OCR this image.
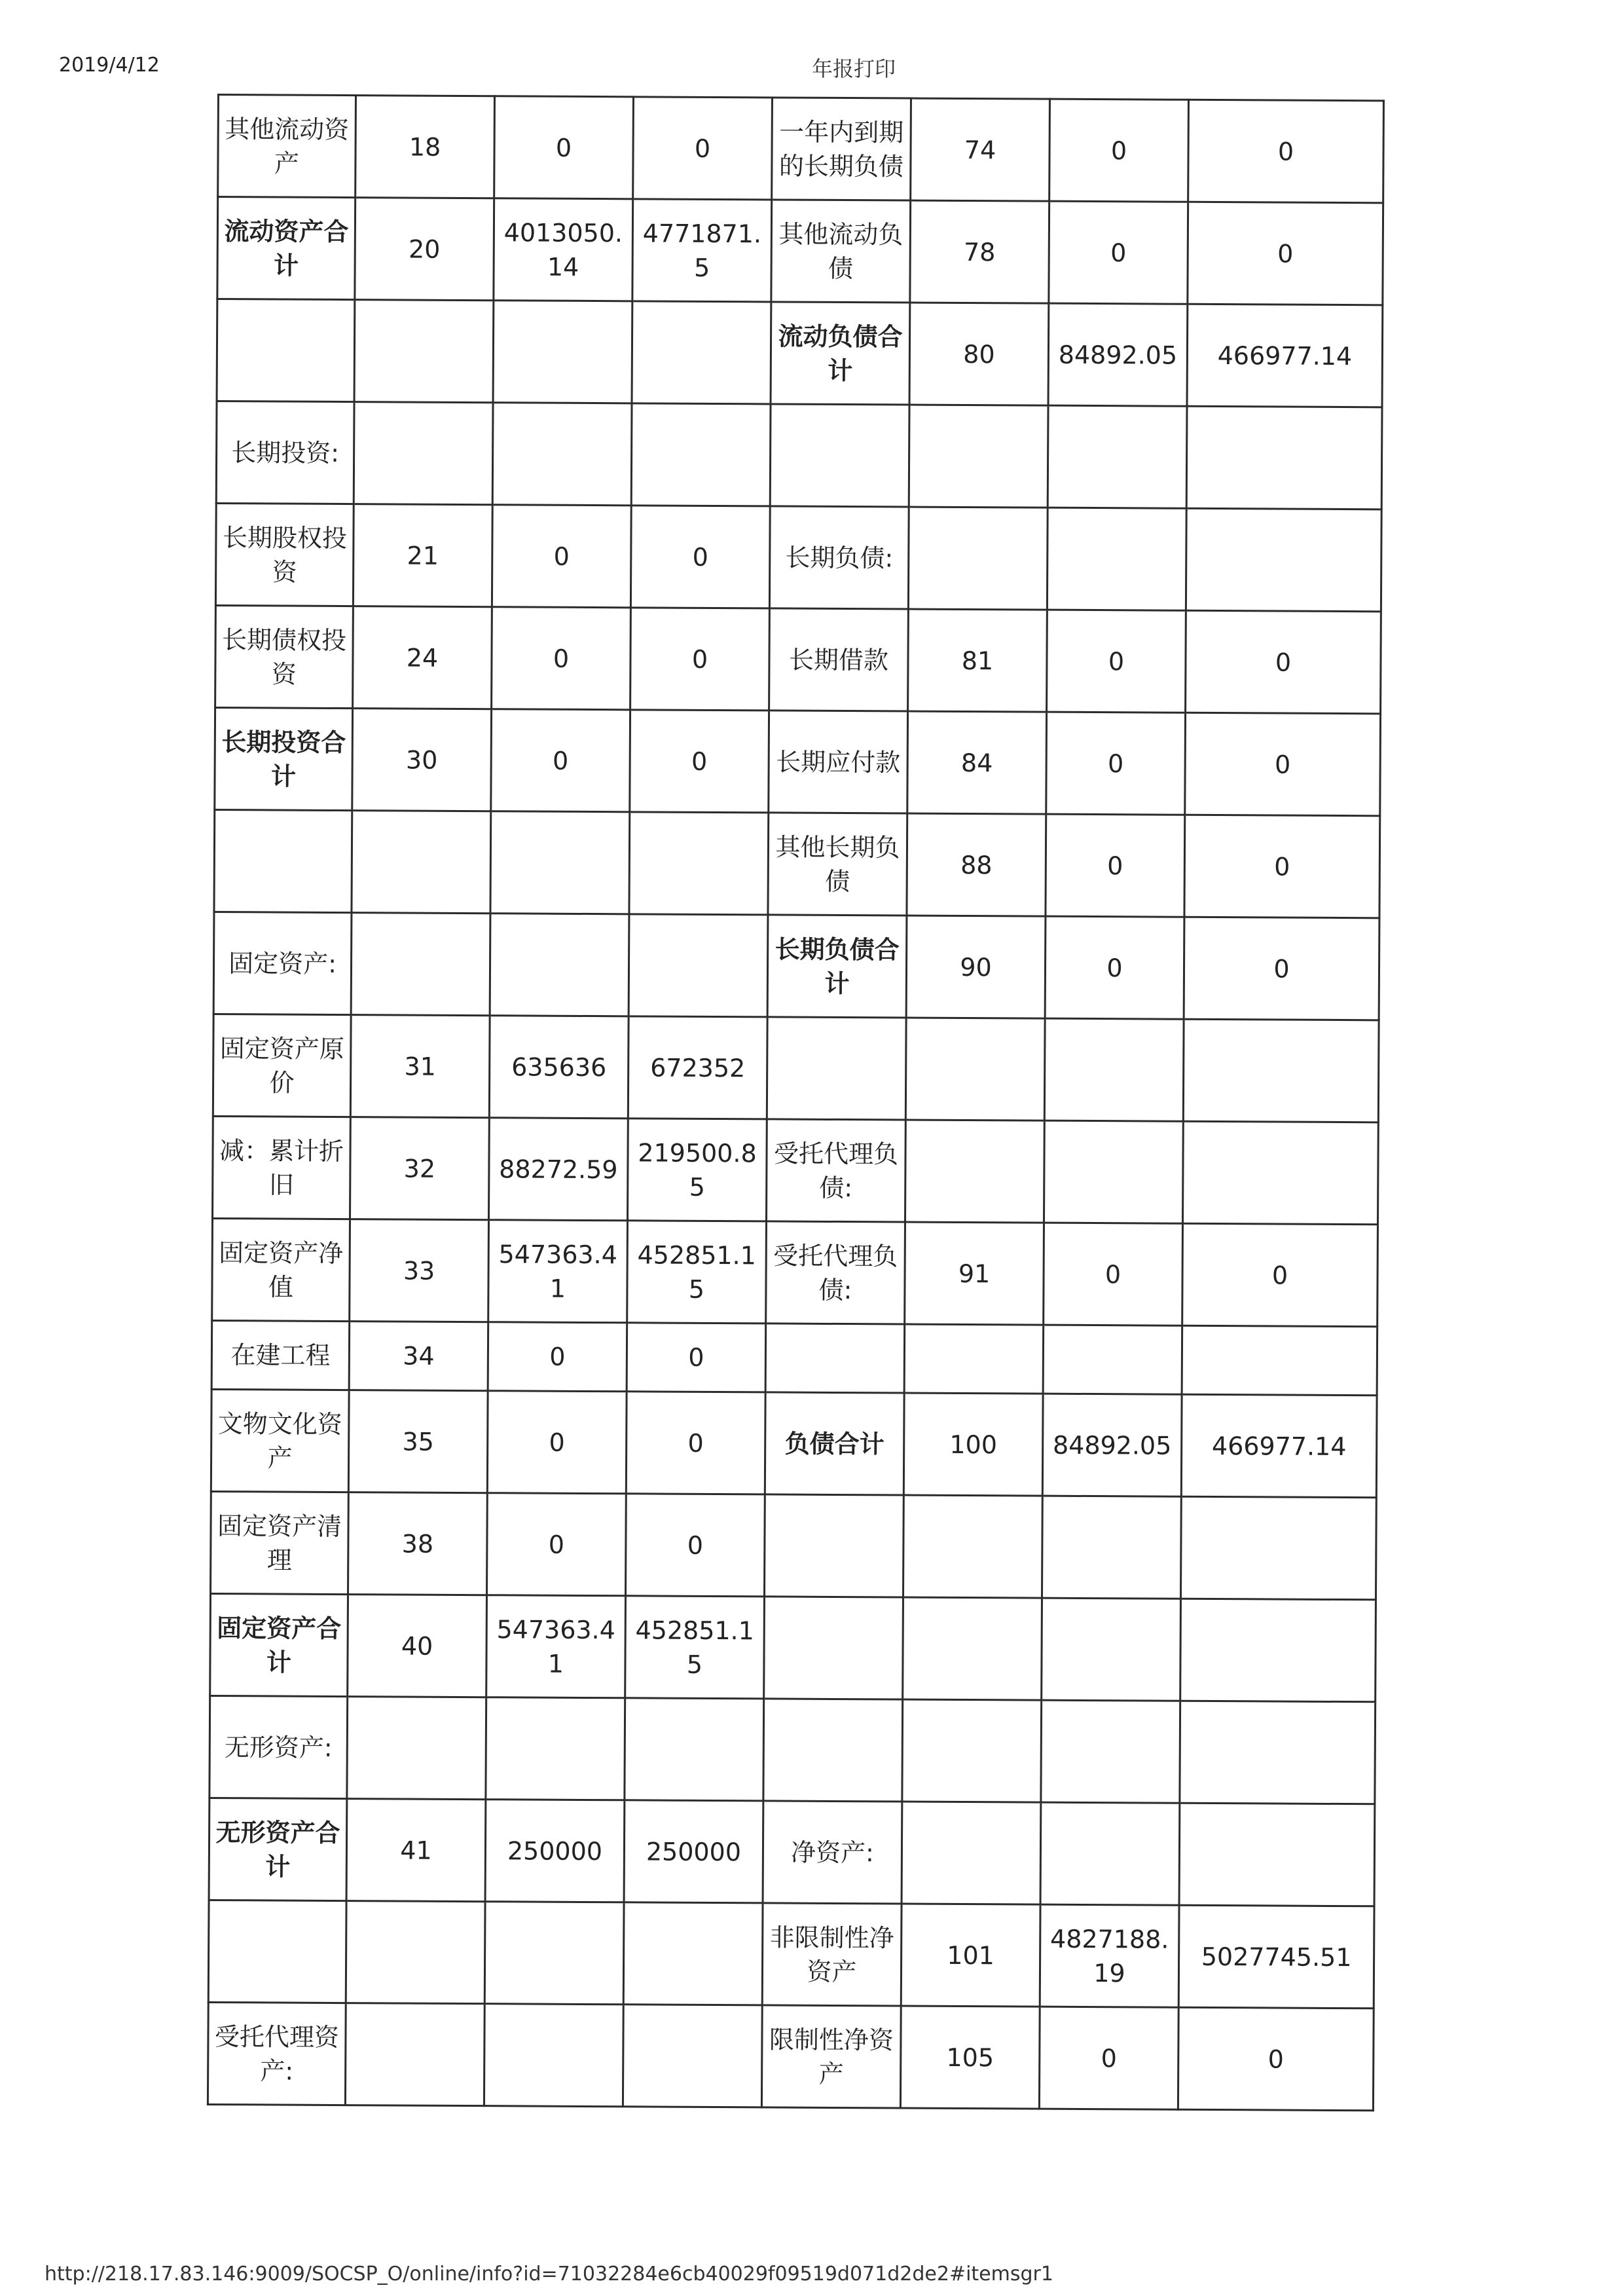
2019/4/12	年报打印
其他流动资产	18	0	0	一年内到期的长期负债	74	0	0
流动资产合计	20	4013050.14	4771871.5	其他流动负债	78	0	0
				流动负债合计	80	84892.05	466977.14
长期投资:							
长期股权投资	21	0	0	长期负债:			
长期债权投资	24	0	0	长期借款	81	0	0
长期投资合计	30	0	0	长期应付款	84	0	0
				其他长期负债	88	0	0
固定资产:				长期负债合计	90	0	0
固定资产原价	31	635636	672352				
减：累计折旧	32	88272.59	219500.85	受托代理负债:			
固定资产净值	33	547363.41	452851.15	受托代理负债:	91	0	0
在建工程	34	0	0				
文物文化资产	35	0	0	负债合计	100	84892.05	466977.14
固定资产清理	38	0	0				
固定资产合计	40	547363.41	452851.15				
无形资产:							
无形资产合计	41	250000	250000	净资产:			
				非限制性净资产	101	4827188.19	5027745.51
受托代理资产:				限制性净资产	105	0	0
http://218.17.83.146:9009/SOCSP_O/online/info?id=71032284e6cb40029f09519d071d2de2#itemsgr1
